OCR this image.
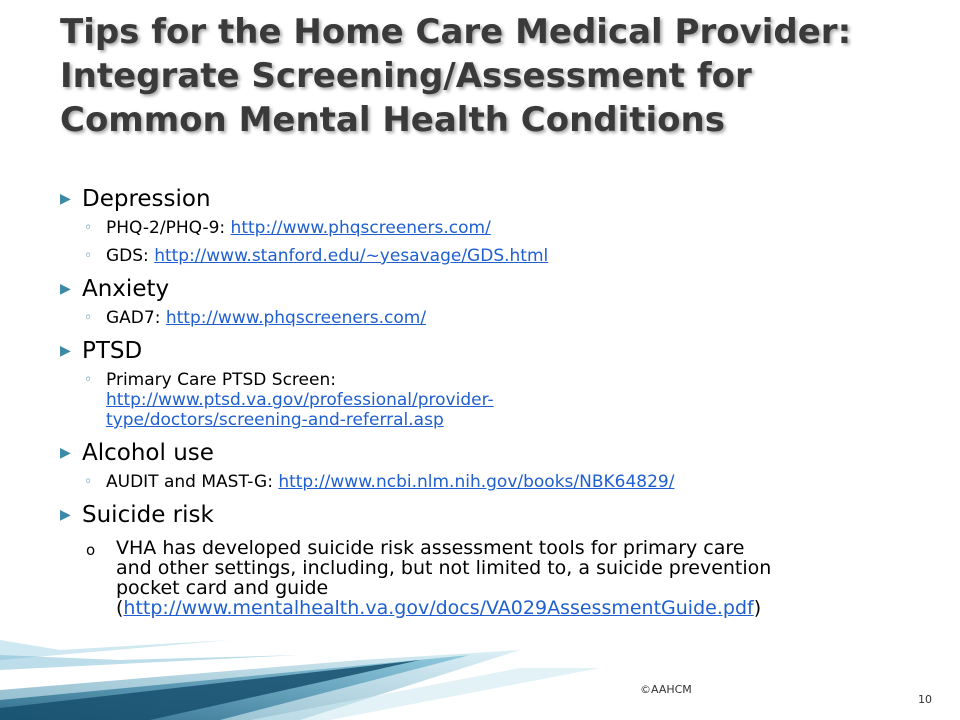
Tips for the Home Care Medical Provider:
Integrate Screening/Assessment for
Common Mental Health Conditions
▶ Depression
◦ PHQ-2/PHQ-9: http://www.phqscreeners.com/
◦ GDS: http://www.stanford.edu/~yesavage/GDS.html
▶ Anxiety
◦ GAD7: http://www.phqscreeners.com/
▶ PTSD
◦ Primary Care PTSD Screen:
http://www.ptsd.va.gov/professional/provider-
type/doctors/screening-and-referral.asp
▶ Alcohol use
◦ AUDIT and MAST-G: http://www.ncbi.nlm.nih.gov/books/NBK64829/
▶ Suicide risk
o VHA has developed suicide risk assessment tools for primary care
and other settings, including, but not limited to, a suicide prevention
pocket card and guide
(http://www.mentalhealth.va.gov/docs/VA029AssessmentGuide.pdf)
©AAHCM
10
